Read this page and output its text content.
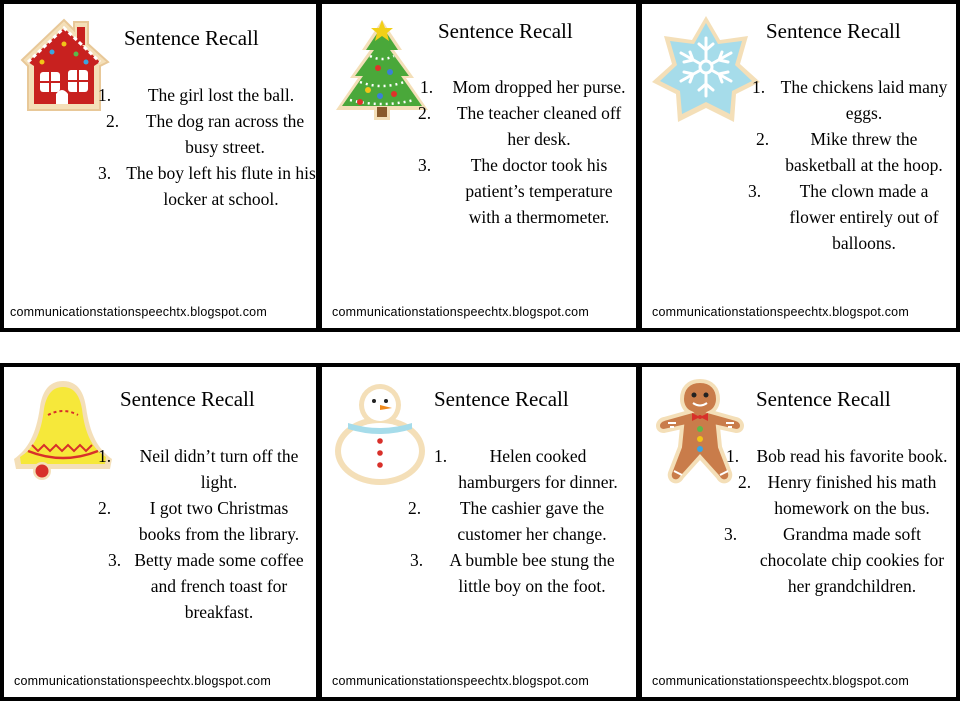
Sentence Recall
1.	The girl lost the ball.
2.	The dog ran across the busy street.
3. The boy left his flute in his locker at school.
communicationstationspeechtx.blogspot.com
Sentence Recall
1. Mom dropped her purse.
2.	The teacher cleaned off her desk.
3.	The doctor took his patient’s temperature with a thermometer.
communicationstationspeechtx.blogspot.com
Sentence Recall
1. The chickens laid many eggs.
2.	Mike threw the basketball at the hoop.
3.	The clown made a flower entirely out of balloons.
communicationstationspeechtx.blogspot.com
Sentence Recall
1.	Neil didn’t turn off the light.
2.	I got two Christmas books from the library.
3. Betty made some coffee and french toast for breakfast.
communicationstationspeechtx.blogspot.com
Sentence Recall
1.	Helen cooked hamburgers for dinner.
2.	The cashier gave the customer her change.
3.	A bumble bee stung the little boy on the foot.
communicationstationspeechtx.blogspot.com
Sentence Recall
1. Bob read his favorite book.
2. Henry finished his math homework on the bus.
3.	Grandma made soft chocolate chip cookies for her grandchildren.
communicationstationspeechtx.blogspot.com
